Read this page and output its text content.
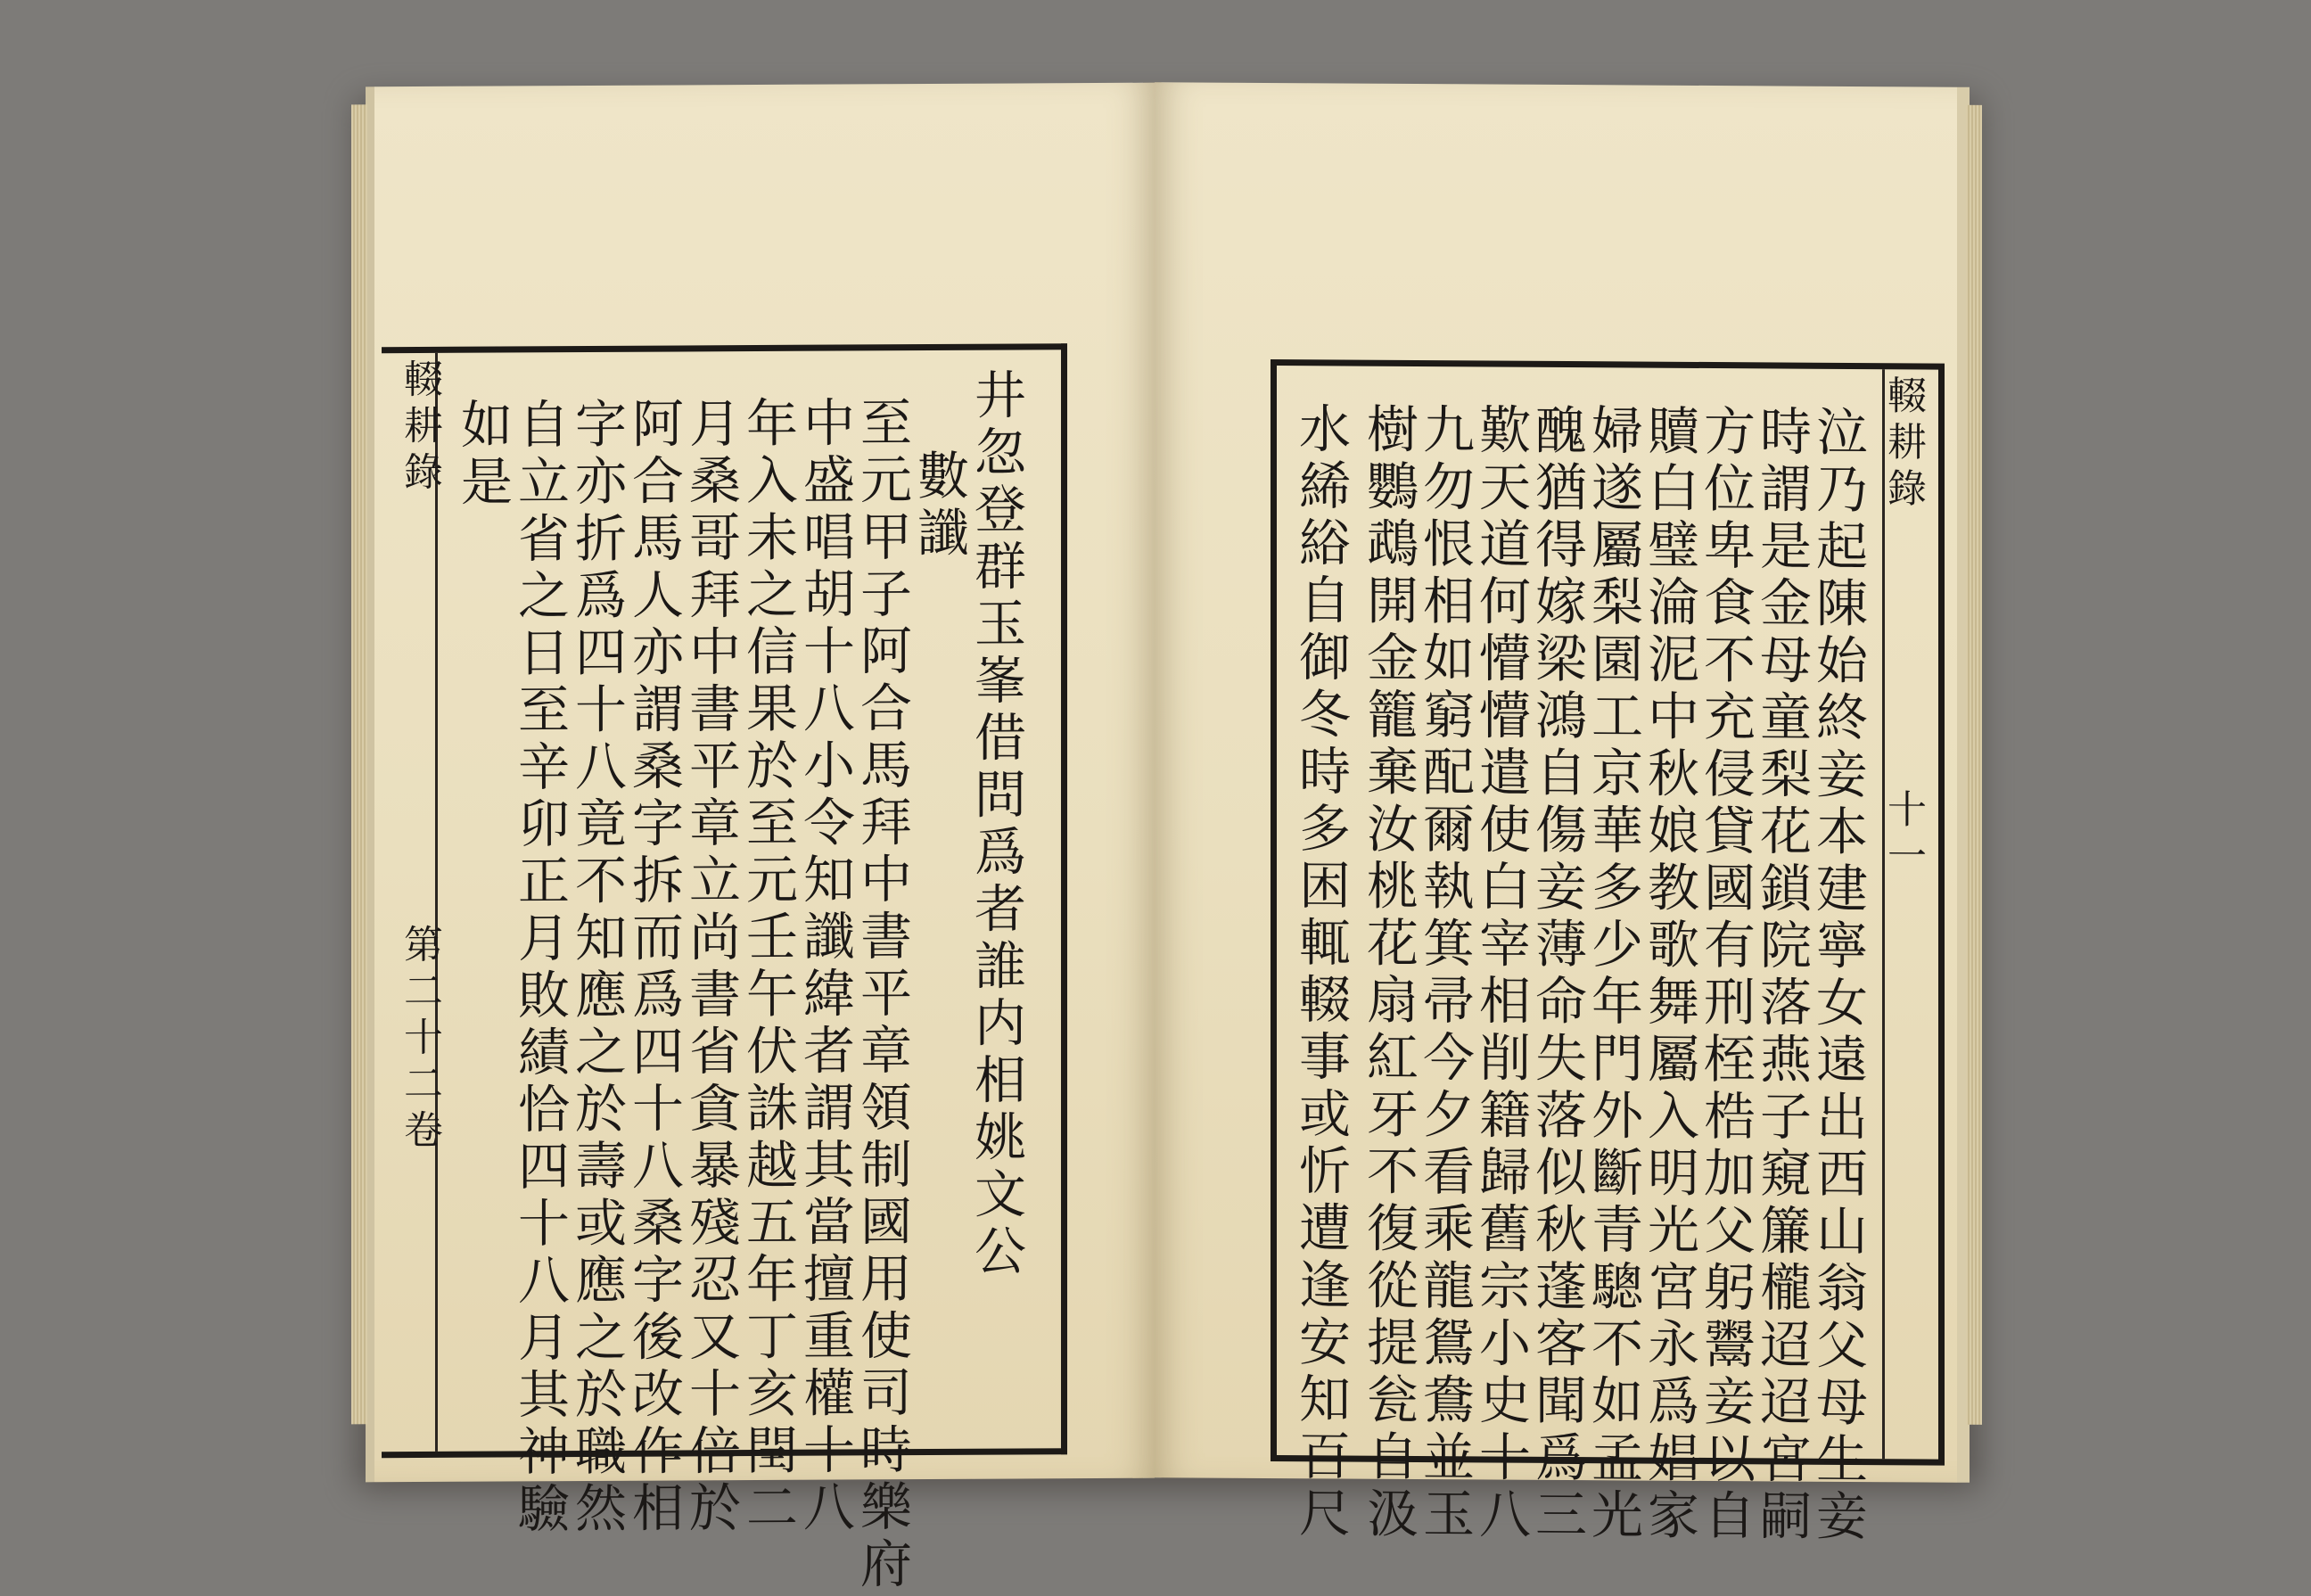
輟耕錄
第二十二卷	井忽登群玉峯借問爲者誰内相姚文公
數讖
至元甲子阿合馬拜中書平章領制國用使司時樂府
中盛唱胡十八小令知讖緯者謂其當擅重權十八
年入未之信果於至元壬午伏誅越五年丁亥閏二
月桑哥拜中書平章立尚書省貪暴殘忍又十倍於
阿合馬人亦謂桑字拆而爲四十八桑字後改作相
字亦折爲四十八竟不知應之於壽或應之於職然
自立省之日至辛卯正月敗績恰四十八月其神驗
如是	輟耕錄
十一
泣乃起陳始終妾本建寧女遠出西山翁父母生妾
時謂是金母童梨花鎖院落燕子窺簾櫳迢迢宮嗣
方位卑食不充侵貸國有刑桎梏加父躬鬻妾以自
贖白璧淪泥中秋娘教歌舞屬入明光宮永爲娼家
婦遂屬梨園工京華多少年門外斷青驄不如孟光
醜猶得嫁梁鴻自傷妾薄命失落似秋蓬客聞爲三
歎天道何懵懵遣使白宰相削籍歸舊宗小史十八
九勿恨相如窮配爾執箕帚今夕看乘龍鴛鴦並玉
樹鸚鵡開金籠棄汝桃花扇紅牙不復從提瓮自汲
水絺綌自御冬時多困輒輟事或忻遭逢安知百尺
